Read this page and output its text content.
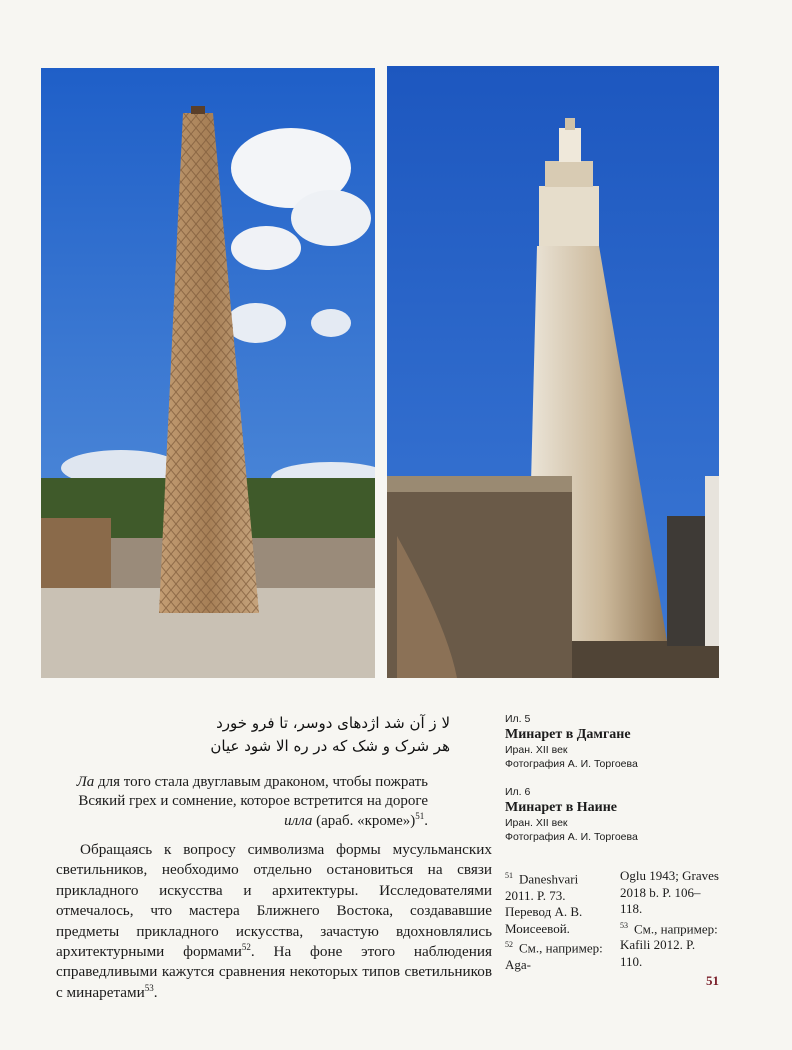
لا ز آن شد اژدهای دوسر، تا فرو خورد
هر شرک و شک که در ره الا شود عیان
Ла для того стала двуглавым драконом, чтобы пожрать
Всякий грех и сомнение, которое встретится на дороге
илла (араб. «кроме»)$^{51}$.

Обращаясь к вопросу символизма формы мусульманских светильников, необходимо отдельно остановиться на связи прикладного искусства и архитектуры. Исследователями отмечалось, что мастера Ближнего Востока, создававшие предметы прикладного искусства, зачастую вдохновлялись архитектурными формами$^{52}$. На фоне этого наблюдения справедливыми кажутся сравнения некоторых типов светильников с минаретами$^{53}$.

Ил. 5
Минарет в Дамгане
Иран. XII век
Фотография А. И. Торгоева
Ил. 6
Минарет в Наине
Иран. XII век
Фотография А. И. Торгоева
$^{51}$ Daneshvari 2011. P. 73. Перевод А. В. Моисеевой.
$^{52}$ См., например: Aga-
Oglu 1943; Graves 2018 b. P. 106–118.
$^{53}$ См., например: Kafili 2012. P. 110.
51
